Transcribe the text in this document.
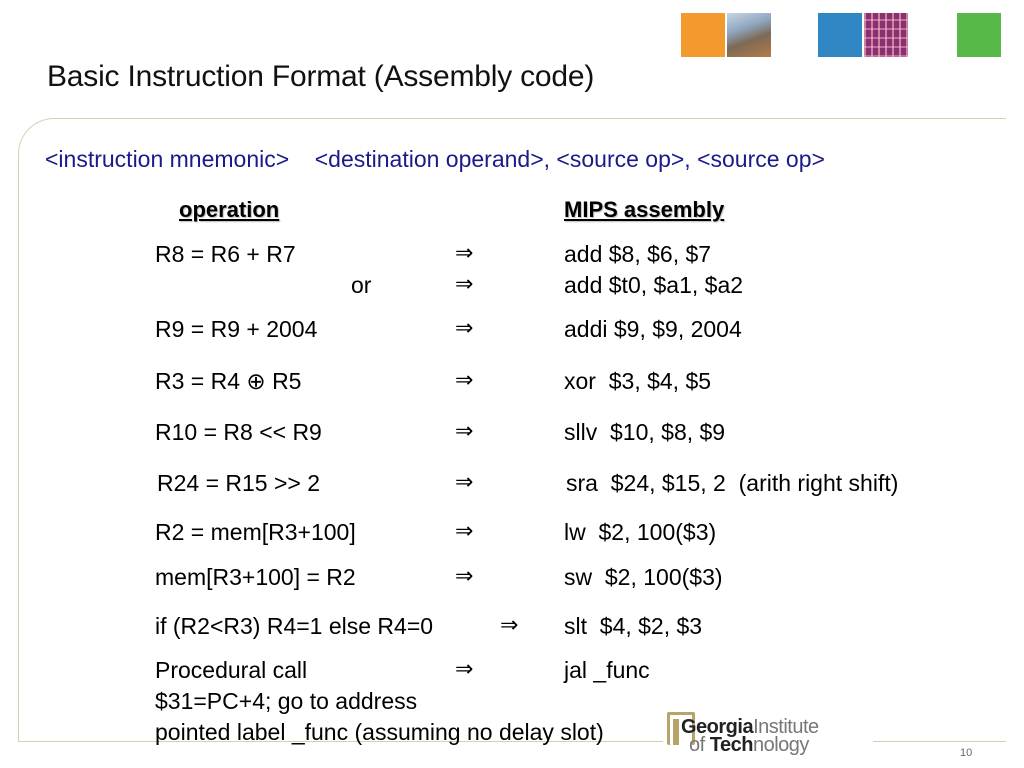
Basic Instruction Format (Assembly code)
<instruction mnemonic>    <destination operand>, <source op>, <source op>
operation	MIPS assembly
R8 = R6 + R7	⇒	add $8, $6, $7
or	⇒	add $t0, $a1, $a2
R9 = R9 + 2004	⇒	addi $9, $9, 2004
R3 = R4 ⊕ R5	⇒	xor  $3, $4, $5
R10 = R8 << R9	⇒	sllv  $10, $8, $9
R24 = R15 >> 2	⇒	sra  $24, $15, 2  (arith right shift)
R2 = mem[R3+100]	⇒	lw  $2, 100($3)
mem[R3+100] = R2	⇒	sw  $2, 100($3)
if (R2<R3) R4=1 else R4=0	⇒ slt  $4, $2, $3
Procedural call	⇒	jal _func
$31=PC+4; go to address
pointed label _func (assuming no delay slot)	GeorgiaInstitute
of Technology	10
